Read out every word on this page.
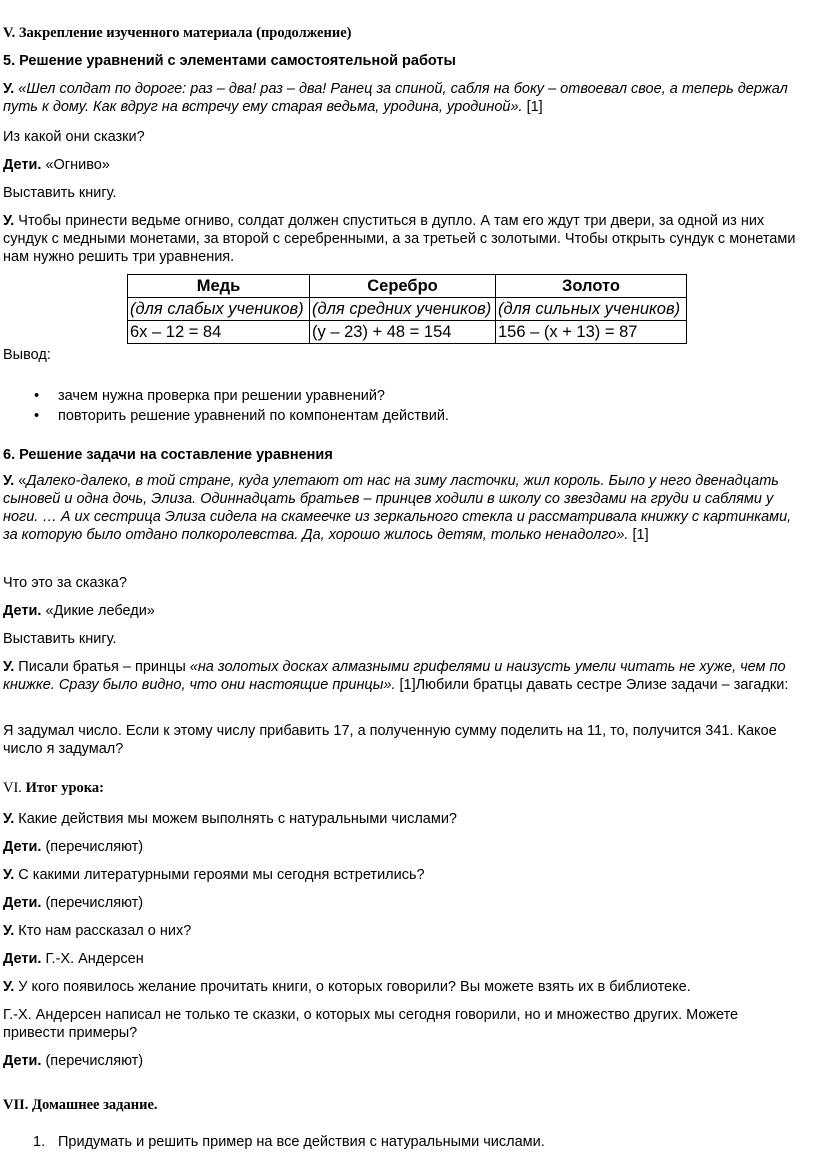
V. Закрепление изученного материала (продолжение)
5. Решение уравнений с элементами самостоятельной работы

У. «Шел солдат по дороге: раз – два! раз – два! Ранец за спиной, сабля на боку – отвоевал свое, а теперь держал путь к дому. Как вдруг на встречу ему старая ведьма, уродина, уродиной». [1]

Из какой они сказки?

Дети. «Огниво»

Выставить книгу.

У. Чтобы принести ведьме огниво, солдат должен спуститься в дупло. А там его ждут три двери, за одной из них сундук с медными монетами, за второй с серебренными, а за третьей с золотыми. Чтобы открыть сундук с монетами нам нужно решить три уравнения.

Медь	Серебро	Золото
(для слабых учеников)	(для средних учеников)	(для сильных учеников)
6х – 12 = 84	(у – 23) + 48 = 154	156 – (х + 13) = 87

Вывод:

• зачем нужна проверка при решении уравнений?
• повторить решение уравнений по компонентам действий.
6. Решение задачи на составление уравнения

У. «Далеко-далеко, в той стране, куда улетают от нас на зиму ласточки, жил король. Было у него двенадцать сыновей и одна дочь, Элиза. Одиннадцать братьев – принцев ходили в школу со звездами на груди и саблями у ноги. … А их сестрица Элиза сидела на скамеечке из зеркального стекла и рассматривала книжку с картинками, за которую было отдано полкоролевства. Да, хорошо жилось детям, только ненадолго». [1]

Что это за сказка?

Дети. «Дикие лебеди»

Выставить книгу.

У. Писали братья – принцы «на золотых досках алмазными грифелями и наизусть умели читать не хуже, чем по книжке. Сразу было видно, что они настоящие принцы». [1]Любили братцы давать сестре Элизе задачи – загадки:

Я задумал число. Если к этому числу прибавить 17, а полученную сумму поделить на 11, то, получится 341. Какое число я задумал?

VI. Итог урока:

У. Какие действия мы можем выполнять с натуральными числами?

Дети. (перечисляют)

У. С какими литературными героями мы сегодня встретились?

Дети. (перечисляют)

У. Кто нам рассказал о них?

Дети. Г.-Х. Андерсен

У. У кого появилось желание прочитать книги, о которых говорили? Вы можете взять их в библиотеке.

Г.-Х. Андерсен написал не только те сказки, о которых мы сегодня говорили, но и множество других. Можете привести примеры?

Дети. (перечисляют)

VII. Домашнее задание.
1. Придумать и решить пример на все действия с натуральными числами.
